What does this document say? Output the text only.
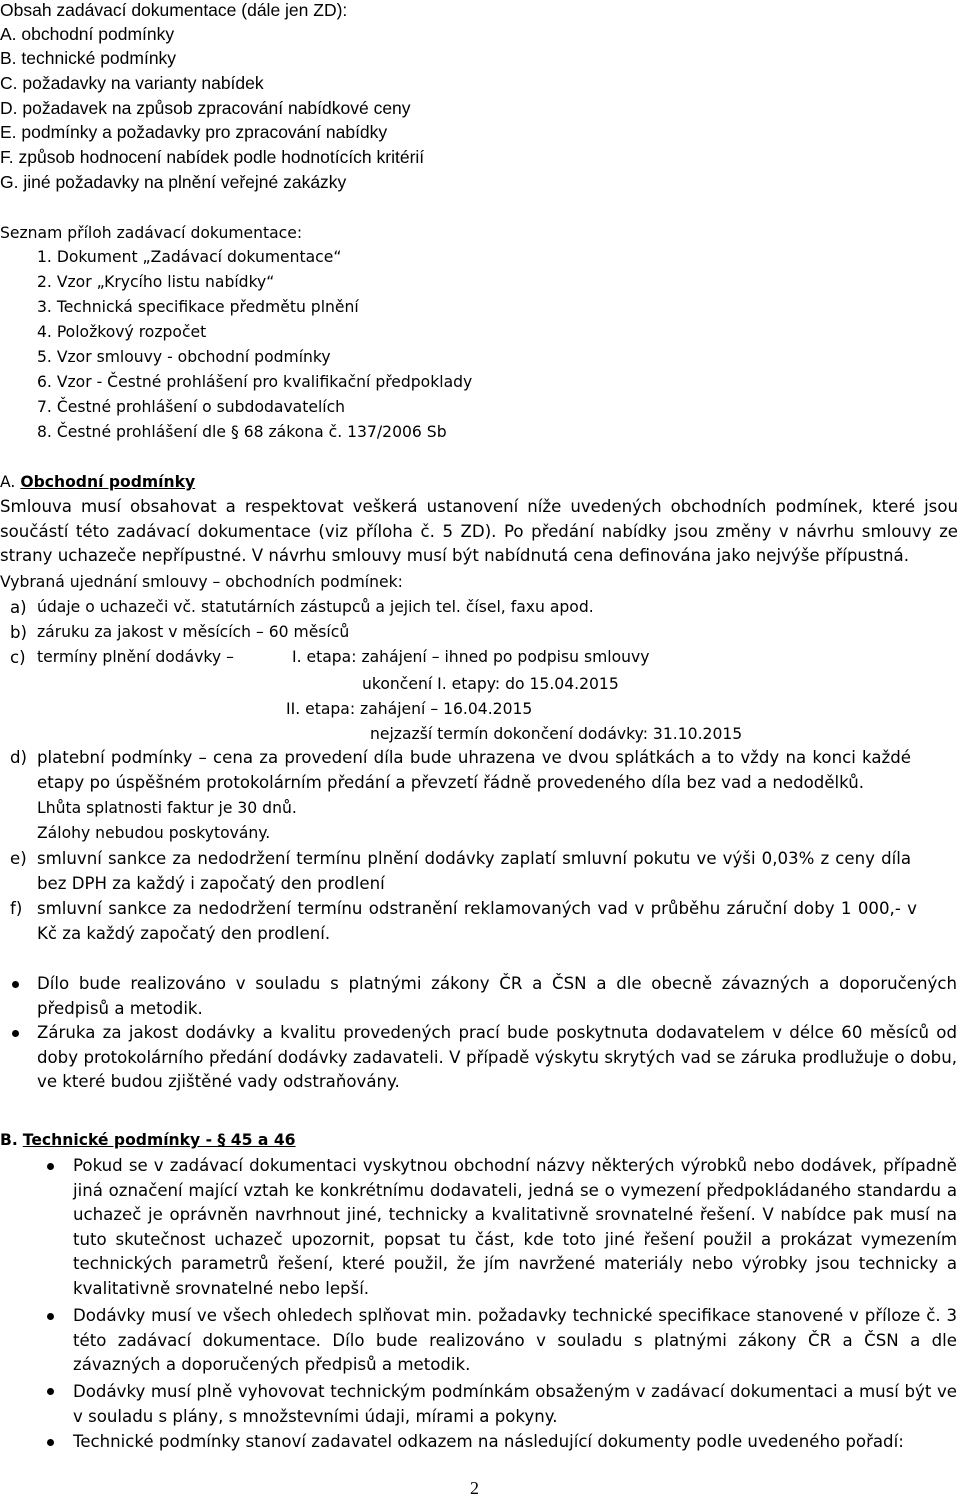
Obsah zadávací dokumentace (dále jen ZD):
A. obchodní podmínky
B. technické podmínky
C. požadavky na varianty nabídek
D. požadavek na způsob zpracování nabídkové ceny
E. podmínky a požadavky pro zpracování nabídky
F. způsob hodnocení nabídek podle hodnotících kritérií
G. jiné požadavky na plnění veřejné zakázky
Seznam příloh zadávací dokumentace:
1. Dokument „Zadávací dokumentace“
2. Vzor „Krycího listu nabídky“
3. Technická specifikace předmětu plnění
4. Položkový rozpočet
5. Vzor smlouvy - obchodní podmínky
6. Vzor - Čestné prohlášení pro kvalifikační předpoklady
7. Čestné prohlášení o subdodavatelích
8. Čestné prohlášení dle § 68 zákona č. 137/2006 Sb
A. Obchodní podmínky
Smlouva musí obsahovat a respektovat veškerá ustanovení níže uvedených obchodních podmínek, které jsou součástí této zadávací dokumentace (viz příloha č. 5 ZD). Po předání nabídky jsou změny v návrhu smlouvy ze strany uchazeče nepřípustné. V návrhu smlouvy musí být nabídnutá cena definována jako nejvýše přípustná.
Vybraná ujednání smlouvy – obchodních podmínek:
a) údaje o uchazeči vč. statutárních zástupců a jejich tel. čísel, faxu apod.
b) záruku za jakost v měsících – 60 měsíců
c) termíny plnění dodávky –	I. etapa: zahájení – ihned po podpisu smlouvy
ukončení I. etapy: do 15.04.2015
II. etapa: zahájení – 16.04.2015
nejzazší termín dokončení dodávky: 31.10.2015
d) platební podmínky – cena za provedení díla bude uhrazena ve dvou splátkách a to vždy na konci každé etapy po úspěšném protokolárním předání a převzetí řádně provedeného díla bez vad a nedodělků.
Lhůta splatnosti faktur je 30 dnů.
Zálohy nebudou poskytovány.
e) smluvní sankce za nedodržení termínu plnění dodávky zaplatí smluvní pokutu ve výši 0,03% z ceny díla bez DPH za každý i započatý den prodlení
f) smluvní sankce za nedodržení termínu odstranění reklamovaných vad v průběhu záruční doby 1 000,- v Kč za každý započatý den prodlení.
Dílo bude realizováno v souladu s platnými zákony ČR a ČSN a dle obecně závazných a doporučených předpisů a metodik.
Záruka za jakost dodávky a kvalitu provedených prací bude poskytnuta dodavatelem v délce 60 měsíců od doby protokolárního předání dodávky zadavateli. V případě výskytu skrytých vad se záruka prodlužuje o dobu, ve které budou zjištěné vady odstraňovány.
B. Technické podmínky - § 45 a 46
Pokud se v zadávací dokumentaci vyskytnou obchodní názvy některých výrobků nebo dodávek, případně jiná označení mající vztah ke konkrétnímu dodavateli, jedná se o vymezení předpokládaného standardu a uchazeč je oprávněn navrhnout jiné, technicky a kvalitativně srovnatelné řešení. V nabídce pak musí na tuto skutečnost uchazeč upozornit, popsat tu část, kde toto jiné řešení použil a prokázat vymezením technických parametrů řešení, které použil, že jím navržené materiály nebo výrobky jsou technicky a kvalitativně srovnatelné nebo lepší.
Dodávky musí ve všech ohledech splňovat min. požadavky technické specifikace stanovené v příloze č. 3 této zadávací dokumentace. Dílo bude realizováno v souladu s platnými zákony ČR a ČSN a dle závazných a doporučených předpisů a metodik.
Dodávky musí plně vyhovovat technickým podmínkám obsaženým v zadávací dokumentaci a musí být ve v souladu s plány, s množstevními údaji, mírami a pokyny.
Technické podmínky stanoví zadavatel odkazem na následující dokumenty podle uvedeného pořadí:
2
